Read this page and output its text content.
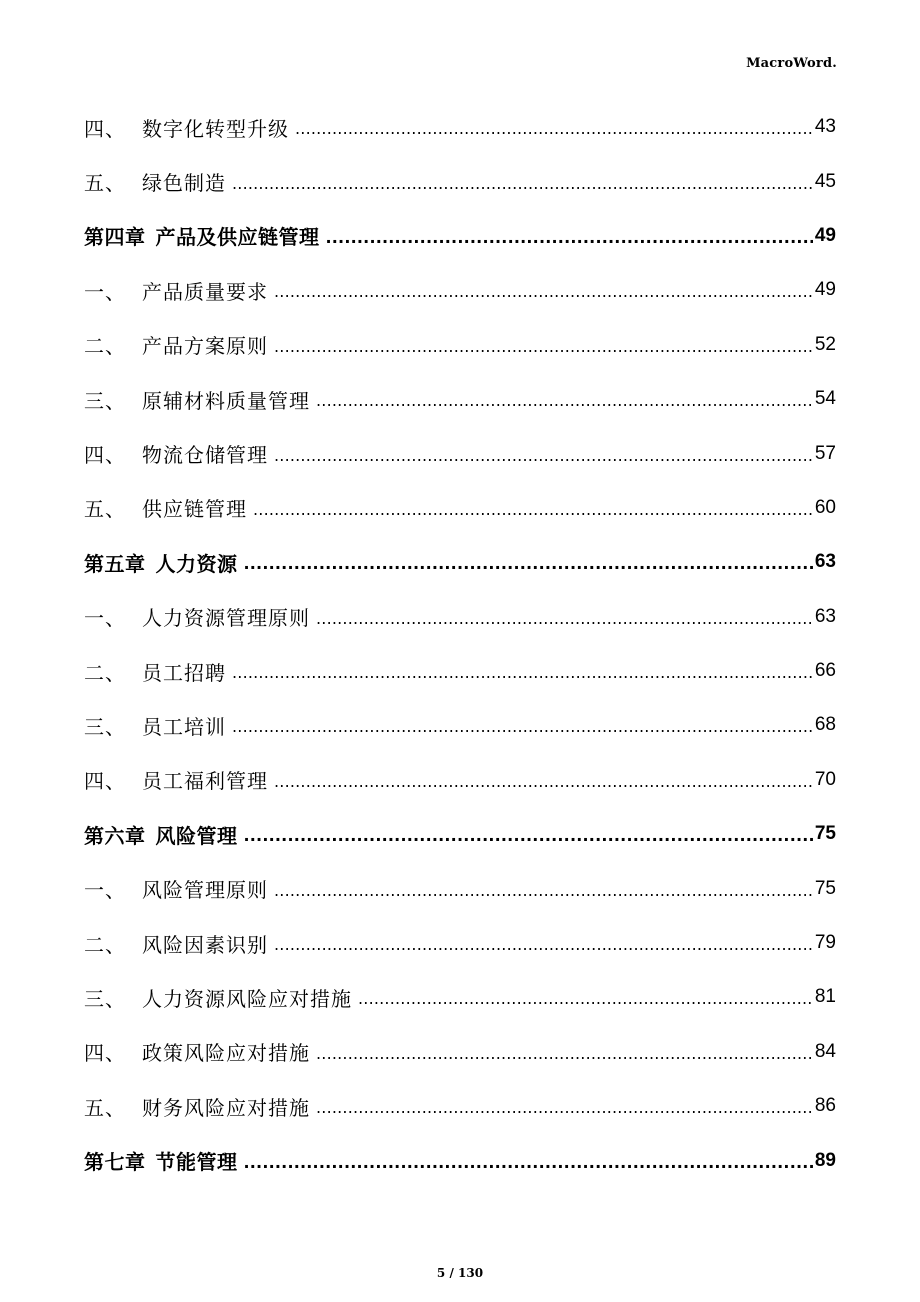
MacroWord.
四、 数字化转型升级 .....	43
五、 绿色制造 .....	45
第四章 产品及供应链管理 .....	49
一、 产品质量要求 .....	49
二、 产品方案原则 .....	52
三、 原辅材料质量管理 .....	54
四、 物流仓储管理 .....	57
五、 供应链管理 .....	60
第五章 人力资源 .....	63
一、 人力资源管理原则 .....	63
二、 员工招聘 .....	66
三、 员工培训 .....	68
四、 员工福利管理 .....	70
第六章 风险管理 .....	75
一、 风险管理原则 .....	75
二、 风险因素识别 .....	79
三、 人力资源风险应对措施 .....	81
四、 政策风险应对措施 .....	84
五、 财务风险应对措施 .....	86
第七章 节能管理 .....	89
5 / 130
